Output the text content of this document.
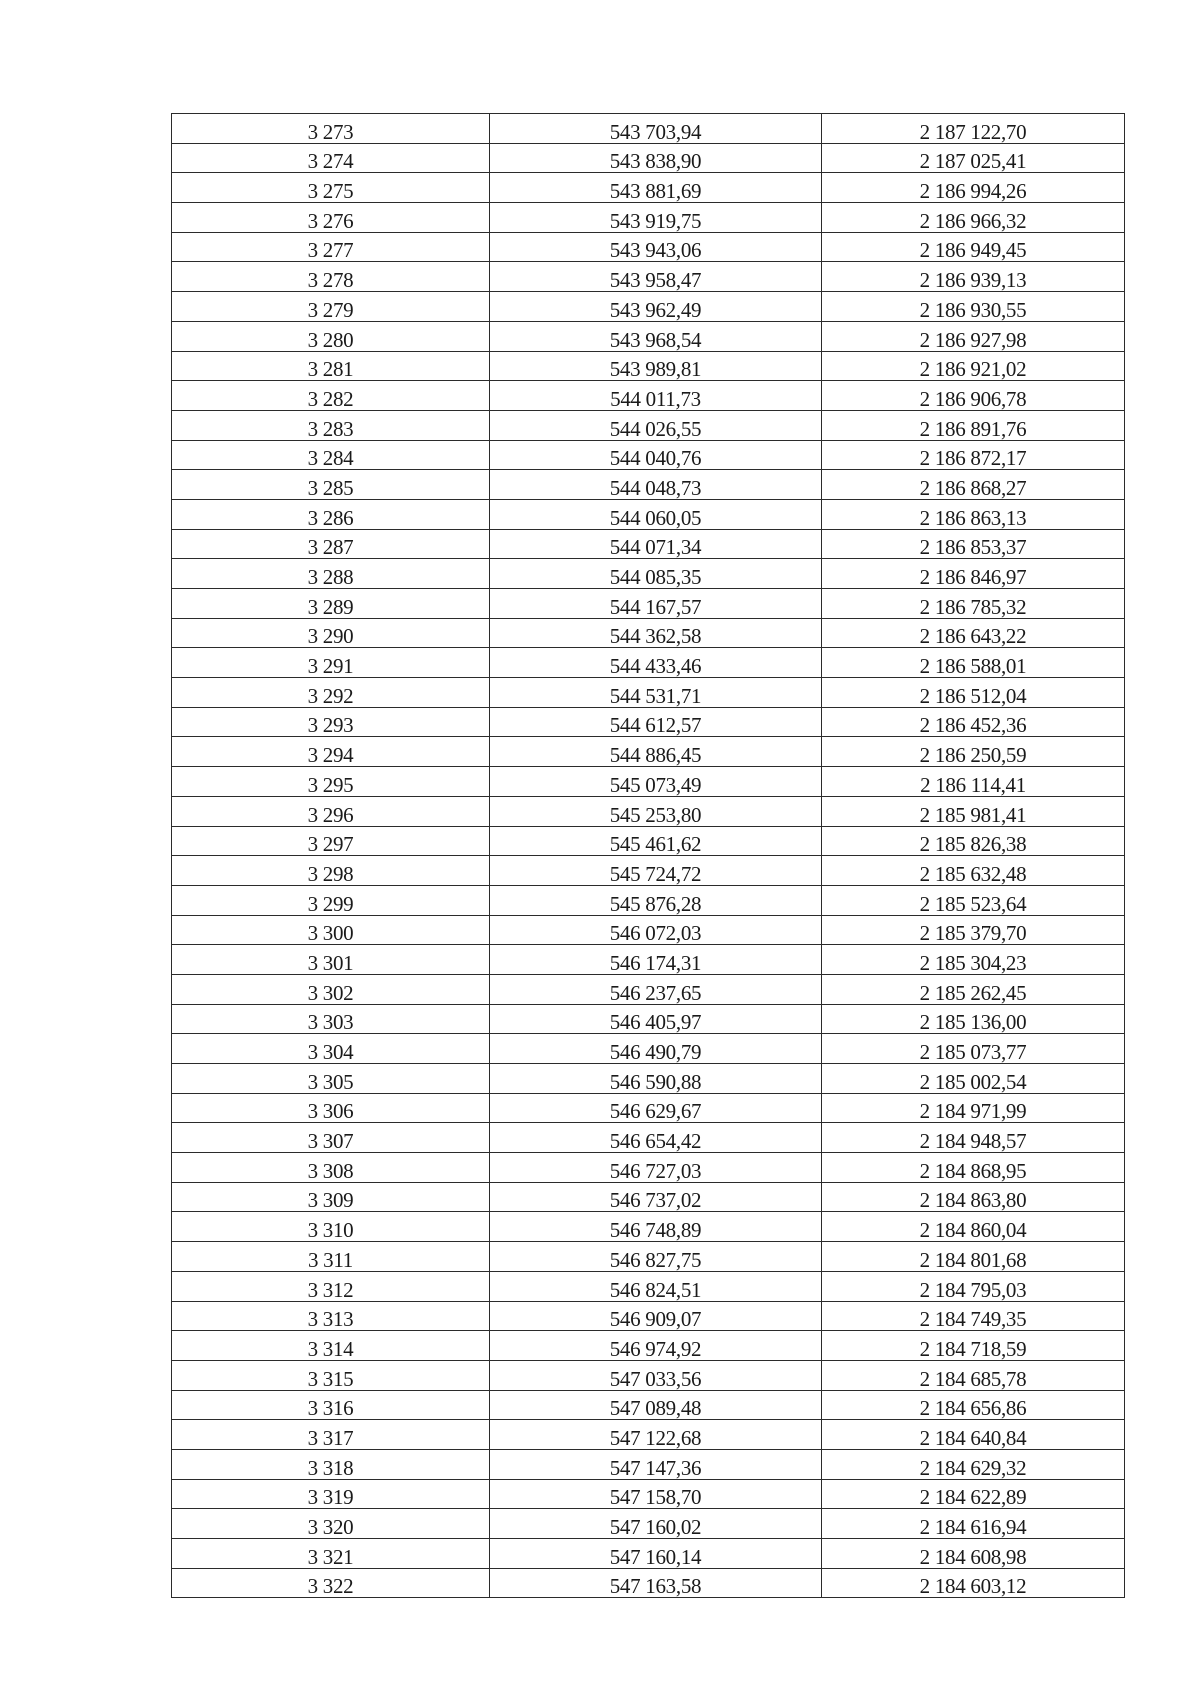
3 273	543 703,94	2 187 122,70
3 274	543 838,90	2 187 025,41
3 275	543 881,69	2 186 994,26
3 276	543 919,75	2 186 966,32
3 277	543 943,06	2 186 949,45
3 278	543 958,47	2 186 939,13
3 279	543 962,49	2 186 930,55
3 280	543 968,54	2 186 927,98
3 281	543 989,81	2 186 921,02
3 282	544 011,73	2 186 906,78
3 283	544 026,55	2 186 891,76
3 284	544 040,76	2 186 872,17
3 285	544 048,73	2 186 868,27
3 286	544 060,05	2 186 863,13
3 287	544 071,34	2 186 853,37
3 288	544 085,35	2 186 846,97
3 289	544 167,57	2 186 785,32
3 290	544 362,58	2 186 643,22
3 291	544 433,46	2 186 588,01
3 292	544 531,71	2 186 512,04
3 293	544 612,57	2 186 452,36
3 294	544 886,45	2 186 250,59
3 295	545 073,49	2 186 114,41
3 296	545 253,80	2 185 981,41
3 297	545 461,62	2 185 826,38
3 298	545 724,72	2 185 632,48
3 299	545 876,28	2 185 523,64
3 300	546 072,03	2 185 379,70
3 301	546 174,31	2 185 304,23
3 302	546 237,65	2 185 262,45
3 303	546 405,97	2 185 136,00
3 304	546 490,79	2 185 073,77
3 305	546 590,88	2 185 002,54
3 306	546 629,67	2 184 971,99
3 307	546 654,42	2 184 948,57
3 308	546 727,03	2 184 868,95
3 309	546 737,02	2 184 863,80
3 310	546 748,89	2 184 860,04
3 311	546 827,75	2 184 801,68
3 312	546 824,51	2 184 795,03
3 313	546 909,07	2 184 749,35
3 314	546 974,92	2 184 718,59
3 315	547 033,56	2 184 685,78
3 316	547 089,48	2 184 656,86
3 317	547 122,68	2 184 640,84
3 318	547 147,36	2 184 629,32
3 319	547 158,70	2 184 622,89
3 320	547 160,02	2 184 616,94
3 321	547 160,14	2 184 608,98
3 322	547 163,58	2 184 603,12
